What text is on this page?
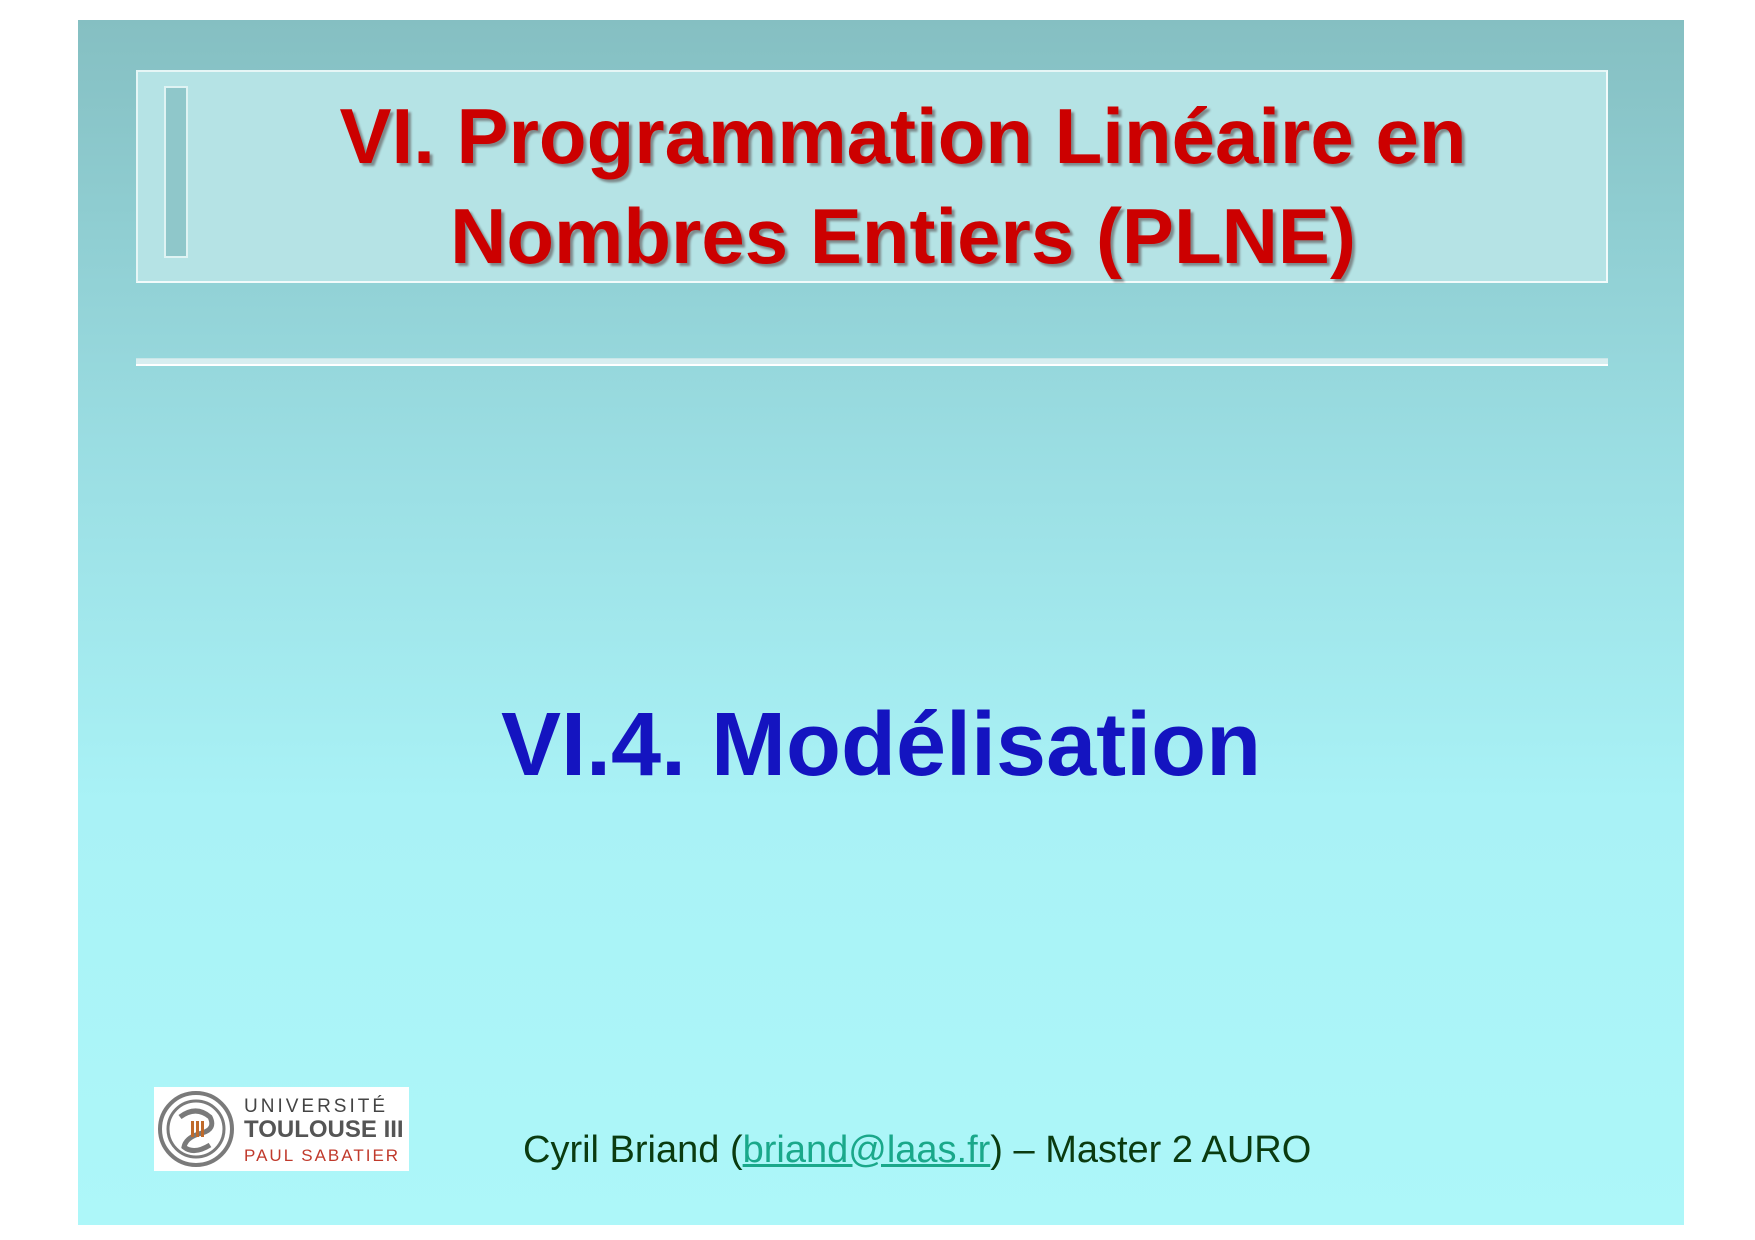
VI. Programmation Linéaire en
Nombres Entiers (PLNE)
VI.4. Modélisation
UNIVERSITÉ
TOULOUSE III
PAUL SABATIER	Cyril Briand (briand@laas.fr) – Master 2 AURO
